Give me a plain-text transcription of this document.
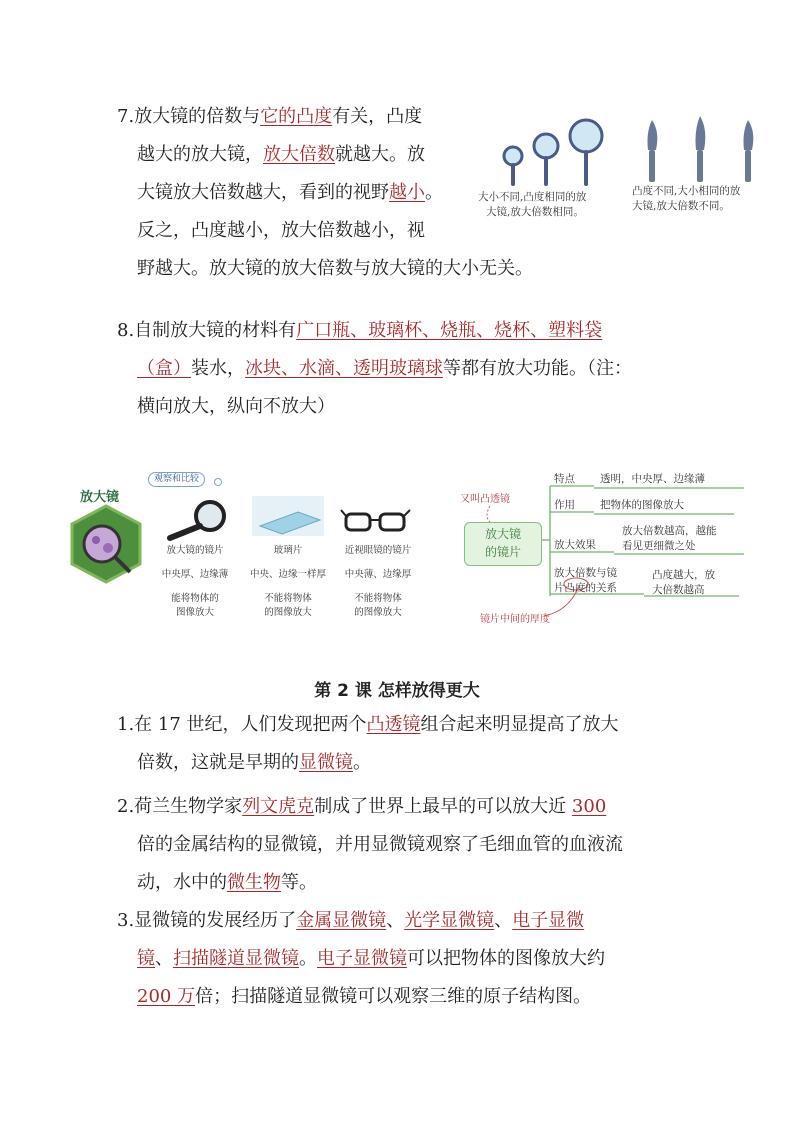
7.放大镜的倍数与它的凸度有关，凸度
越大的放大镜，放大倍数就越大。放
大镜放大倍数越大，看到的视野越小。
反之，凸度越小，放大倍数越小，视
野越大。放大镜的放大倍数与放大镜的大小无关。
大小不同,凸度相同的放
大镜,放大倍数相同。
凸度不同,大小相同的放
大镜,放大倍数不同。
8.自制放大镜的材料有广口瓶、玻璃杯、烧瓶、烧杯、塑料袋
（盒）装水，冰块、水滴、透明玻璃球等都有放大功能。（注：
横向放大，纵向不放大）
放大镜
观察和比较
放大镜的镜片
中央厚、边缘薄
能将物体的
图像放大
玻璃片
中央、边缘一样厚
不能将物体
的图像放大
近视眼镜的镜片
中央薄、边缘厚
不能将物体
的图像放大
又叫凸透镜
放大镜
的镜片
特点 透明，中央厚、边缘薄
作用 把物体的图像放大
放大效果
放大倍数越高，越能
看见更细微之处
放大倍数与镜
片凸度的关系
凸度越大，放
大倍数越高
镜片中间的厚度
第 2 课 怎样放得更大
1.在 17 世纪，人们发现把两个凸透镜组合起来明显提高了放大
倍数，这就是早期的显微镜。
2.荷兰生物学家列文虎克制成了世界上最早的可以放大近 300
倍的金属结构的显微镜，并用显微镜观察了毛细血管的血液流
动，水中的微生物等。
3.显微镜的发展经历了金属显微镜、光学显微镜、电子显微
镜、扫描隧道显微镜。电子显微镜可以把物体的图像放大约
200 万倍；扫描隧道显微镜可以观察三维的原子结构图。
